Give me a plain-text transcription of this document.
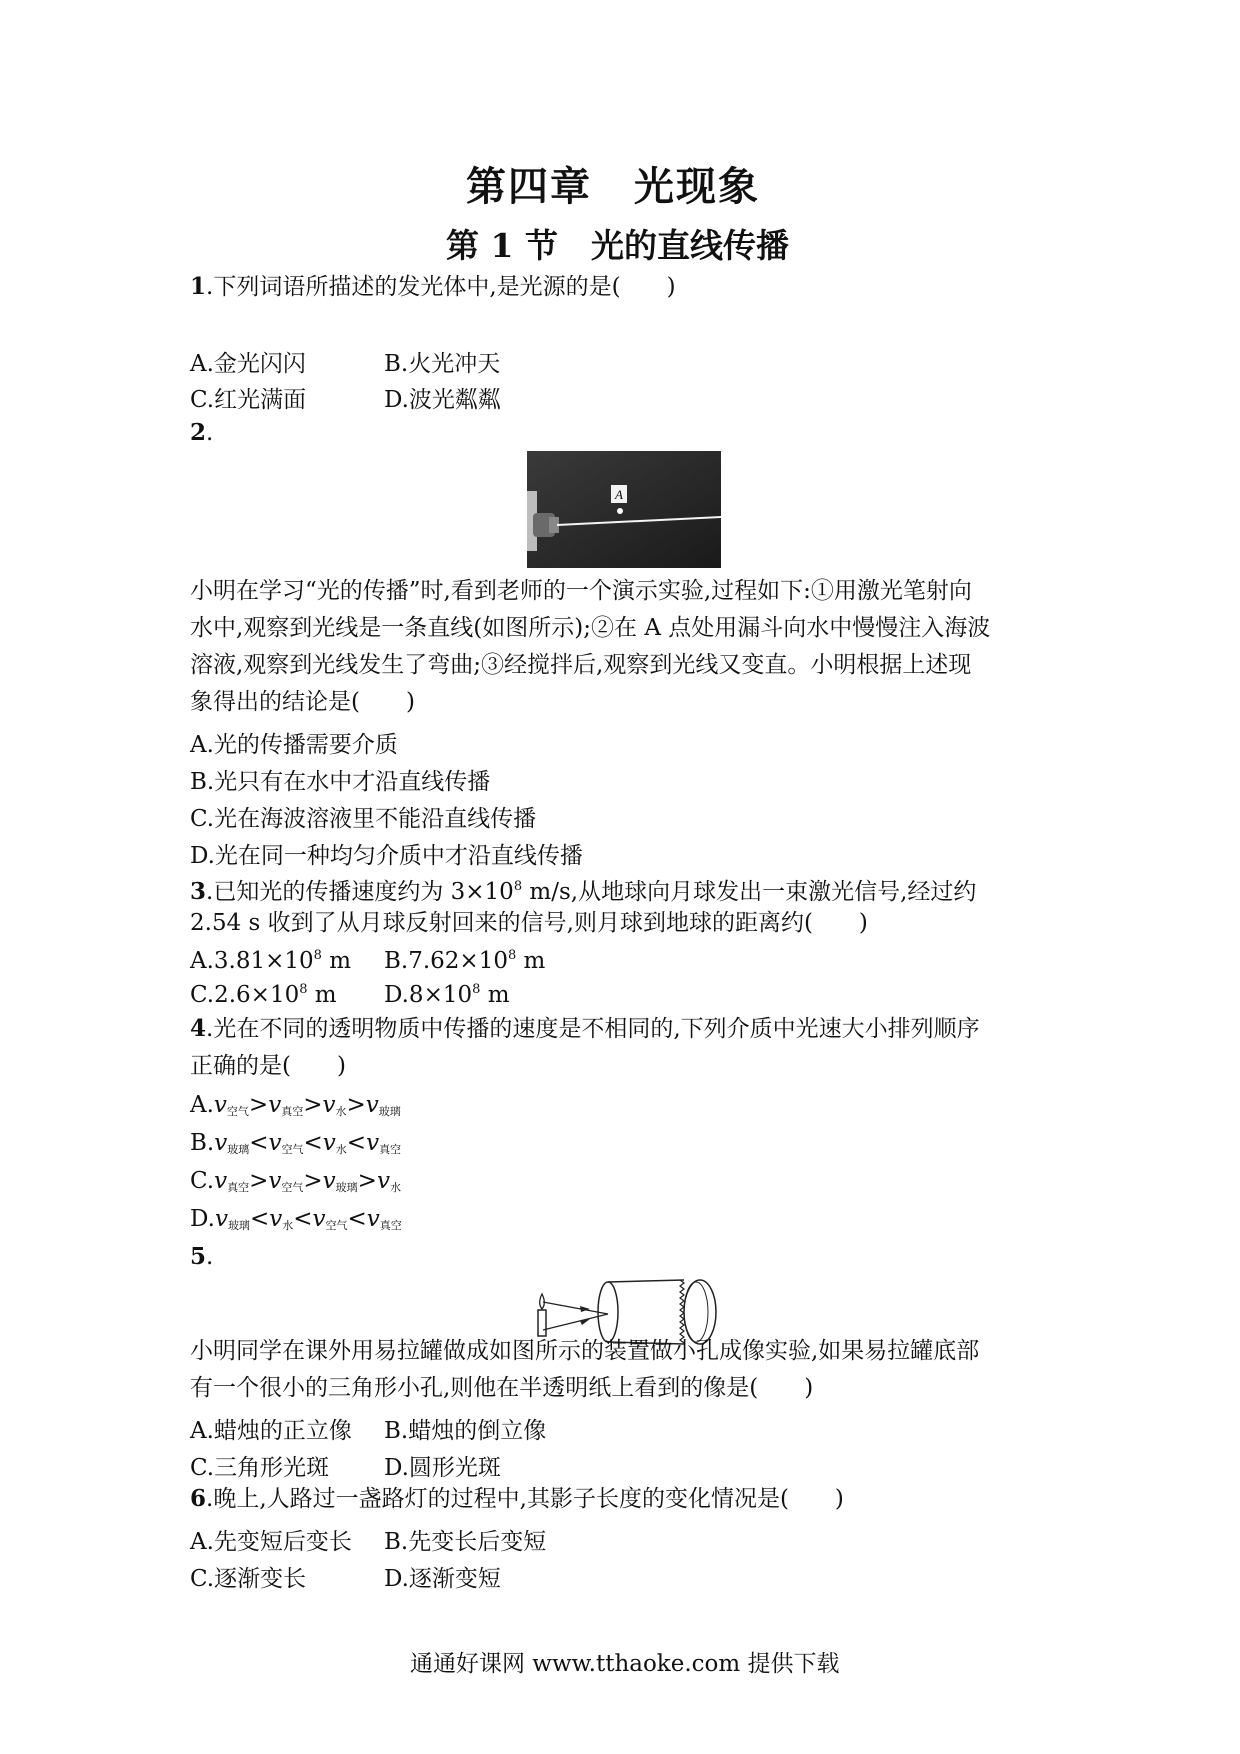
第四章　光现象
第 1 节　光的直线传播
1.下列词语所描述的发光体中,是光源的是(　　)
A.金光闪闪	B.火光冲天
C.红光满面	D.波光粼粼
2.
A
小明在学习“光的传播”时,看到老师的一个演示实验,过程如下:①用激光笔射向
水中,观察到光线是一条直线(如图所示);②在 A 点处用漏斗向水中慢慢注入海波
溶液,观察到光线发生了弯曲;③经搅拌后,观察到光线又变直。小明根据上述现
象得出的结论是(　　)
A.光的传播需要介质
B.光只有在水中才沿直线传播
C.光在海波溶液里不能沿直线传播
D.光在同一种均匀介质中才沿直线传播
3.已知光的传播速度约为 $3\times 10^8$ m/s,从地球向月球发出一束激光信号,经过约
2.54 s 收到了从月球反射回来的信号,则月球到地球的距离约(　　)
$A.3.81\times 10^8$ m $B.7.62\times 10^8$ m
$C.2.6\times 10^8$ m $D.8\times 10^8$ m
4.光在不同的透明物质中传播的速度是不相同的,下列介质中光速大小排列顺序
正确的是(　　)
$A.v_{空气}>v_{真空}>v_水>v_{玻璃}$
$B.v_{玻璃}<v_{空气}<v_水<v_{真空}$
$C.v_{真空}>v_{空气}>v_{玻璃}>v_水$
$D.v_{玻璃}<v_水<v_{空气}<v_{真空}$
5.
小明同学在课外用易拉罐做成如图所示的装置做小孔成像实验,如果易拉罐底部
有一个很小的三角形小孔,则他在半透明纸上看到的像是(　　)
A.蜡烛的正立像 B.蜡烛的倒立像
C.三角形光斑 D.圆形光斑
6.晚上,人路过一盏路灯的过程中,其影子长度的变化情况是(　　)
A.先变短后变长 B.先变长后变短
C.逐渐变长	D.逐渐变短
通通好课网 www.tthaoke.com 提供下载
